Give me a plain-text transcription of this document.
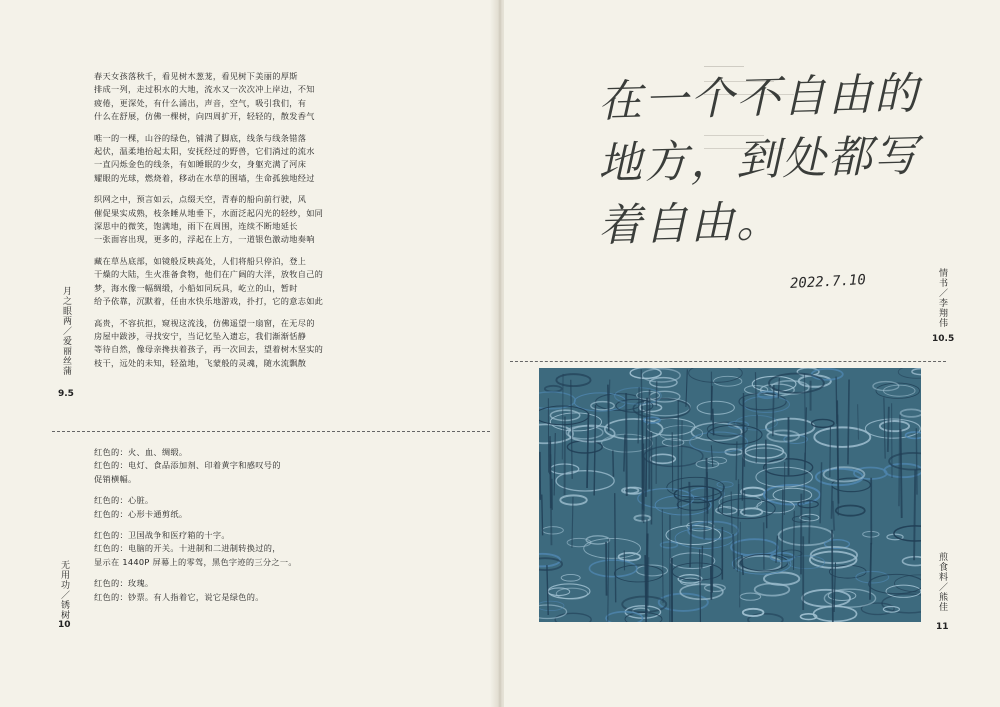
春天女孩落秋千，看见树木葱茏，看见树下美丽的厚斯
排成一列，走过积水的大地，流水又一次次冲上岸边，不知
疲倦，更深处，有什么涌出，声音，空气，吸引我们，有
什么在舒展，仿佛一棵树，向四周扩开，轻轻的，散发香气

唯一的一棵，山谷的绿色，铺满了脚底，线条与线条错落
起伏，温柔地抬起太阳，安抚经过的野兽，它们淌过的流水
一直闪烁金色的线条，有如睡眠的少女，身躯充满了河床
耀眼的光球，燃烧着，移动在水草的围墙，生命孤独地经过

织网之中，预言如云，点缀天空，青春的船向前行驶，风
催促果实成熟，枝条睡从地垂下，水面泛起闪光的轻纱，如同
深思中的微笑，饱满地，雨下在周围，连续不断地延长
一张面容出现，更多的，浮起在上方，一道银色激动地奏响

藏在草丛底部，如镜般反映高处，人们将船只停泊，登上
干燥的大陆，生火准备食物，他们在广阔的大洋，放牧自己的
梦，海水像一幅绸缎，小船如同玩具，屹立的山，暂时
给予依靠，沉默着，任由水快乐地游戏，扑打，它的意志如此

高贵，不容抗拒，窥视这流浅，仿佛遥望一扇窗，在无尽的
房屋中跋涉，寻找安宁，当记忆坠入遗忘，我们渐渐恬静
等待自然，像母亲搀扶着孩子，再一次回去，望着树木坚实的
枝干，远处的未知，轻盈地，飞蒙般的灵魂，随水流飘散

月之眼两／爱丽丝蒲
9.5

红色的：火、血、绸缎。
红色的：电灯、食品添加剂、印着黄字和感叹号的
促销横幅。

红色的：心脏。
红色的：心形卡通剪纸。

红色的：卫国战争和医疗箱的十字。
红色的：电脑的开关。十进制和二进制转换过的，
显示在 1440P 屏幕上的零驾，黑色字迹的三分之一。

红色的：玫瑰。
红色的：钞票。有人指着它，说它是绿色的。

无用功／锈树
10
在一个不自由的
地方，到处都写
着自由。
2022.7.10	情书／李翔伟
10.5
煎食料／熊佳
11
